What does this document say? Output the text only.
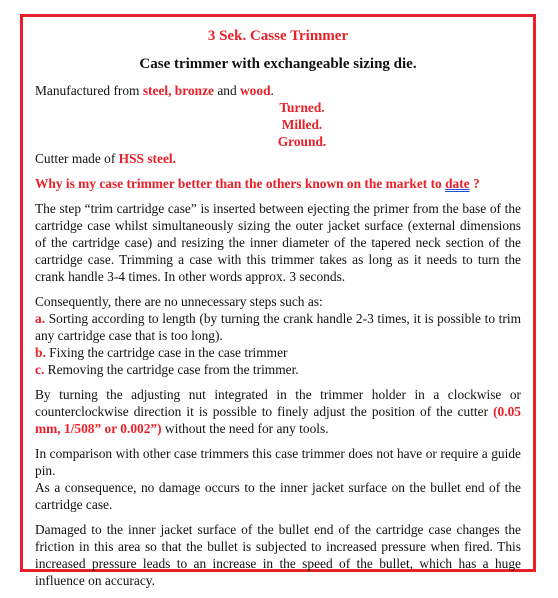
3 Sek. Casse Trimmer
Case trimmer with exchangeable sizing die.

Manufactured from steel, bronze and wood.

Turned.
Milled.
Ground.

Cutter made of HSS steel.

Why is my case trimmer better than the others known on the market to date ?

The step “trim cartridge case” is inserted between ejecting the primer from the base of the cartridge case whilst simultaneously sizing the outer jacket surface (external dimensions of the cartridge case) and resizing the inner diameter of the tapered neck section of the cartridge case. Trimming a case with this trimmer takes as long as it needs to turn the crank handle 3-4 times. In other words approx. 3 seconds.

Consequently, there are no unnecessary steps such as:

a. Sorting according to length (by turning the crank handle 2-3 times, it is possible to trim any cartridge case that is too long).

b. Fixing the cartridge case in the case trimmer

c. Removing the cartridge case from the trimmer.

By turning the adjusting nut integrated in the trimmer holder in a clockwise or counterclockwise direction it is possible to finely adjust the position of the cutter (0.05 mm, 1/508” or 0.002”) without the need for any tools.

In comparison with other case trimmers this case trimmer does not have or require a guide pin.

As a consequence, no damage occurs to the inner jacket surface on the bullet end of the cartridge case.

Damaged to the inner jacket surface of the bullet end of the cartridge case changes the friction in this area so that the bullet is subjected to increased pressure when fired. This increased pressure leads to an increase in the speed of the bullet, which has a huge influence on accuracy.
